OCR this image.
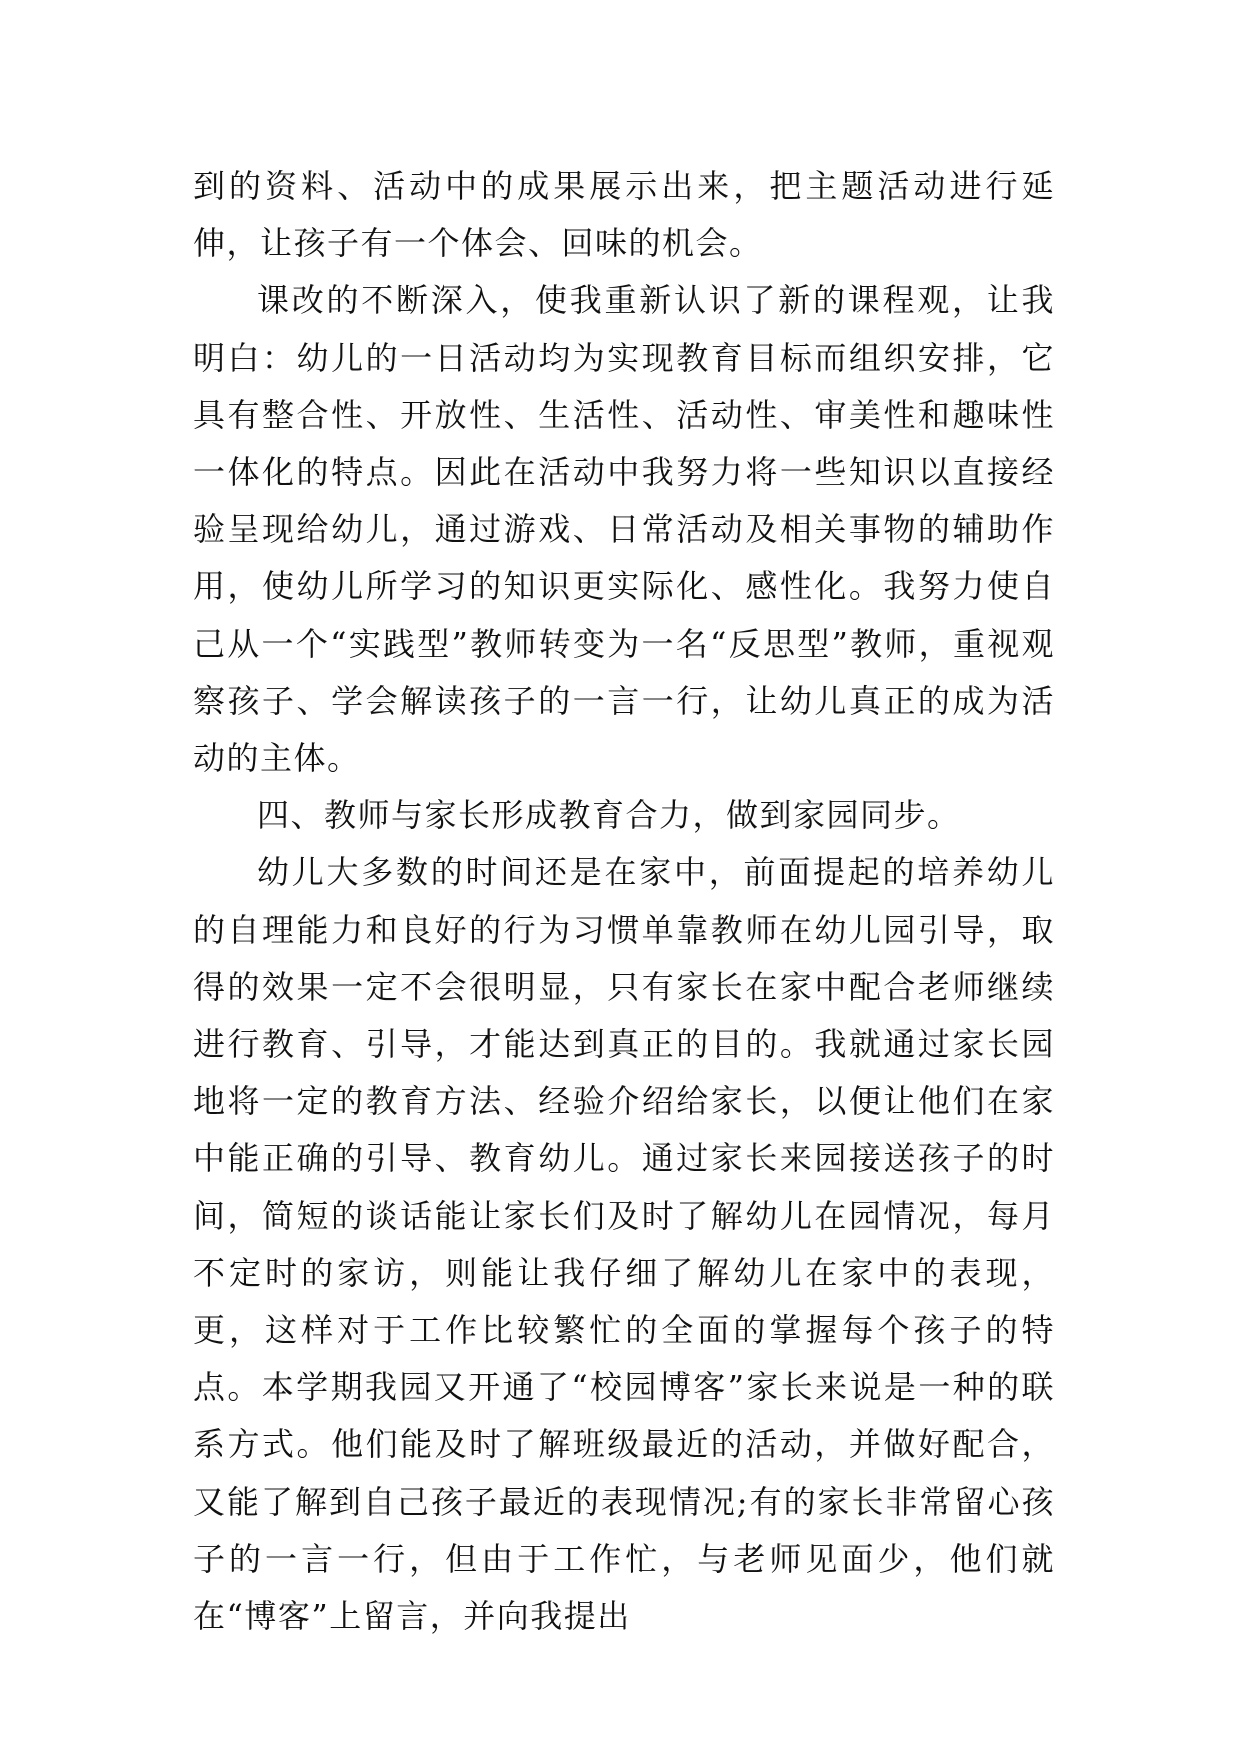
到的资料、活动中的成果展示出来，把主题活动进行延伸，让孩子有一个体会、回味的机会。

课改的不断深入，使我重新认识了新的课程观，让我明白：幼儿的一日活动均为实现教育目标而组织安排，它具有整合性、开放性、生活性、活动性、审美性和趣味性一体化的特点。因此在活动中我努力将一些知识以直接经验呈现给幼儿，通过游戏、日常活动及相关事物的辅助作用，使幼儿所学习的知识更实际化、感性化。我努力使自己从一个“实践型”教师转变为一名“反思型”教师，重视观察孩子、学会解读孩子的一言一行，让幼儿真正的成为活动的主体。

四、教师与家长形成教育合力，做到家园同步。

幼儿大多数的时间还是在家中，前面提起的培养幼儿的自理能力和良好的行为习惯单靠教师在幼儿园引导，取得的效果一定不会很明显，只有家长在家中配合老师继续进行教育、引导，才能达到真正的目的。我就通过家长园地将一定的教育方法、经验介绍给家长，以便让他们在家中能正确的引导、教育幼儿。通过家长来园接送孩子的时间，简短的谈话能让家长们及时了解幼儿在园情况，每月不定时的家访，则能让我仔细了解幼儿在家中的表现，更，这样对于工作比较繁忙的全面的掌握每个孩子的特点。本学期我园又开通了“校园博客”家长来说是一种的联系方式。他们能及时了解班级最近的活动，并做好配合，又能了解到自己孩子最近的表现情况;有的家长非常留心孩子的一言一行，但由于工作忙，与老师见面少，他们就在“博客”上留言，并向我提出
